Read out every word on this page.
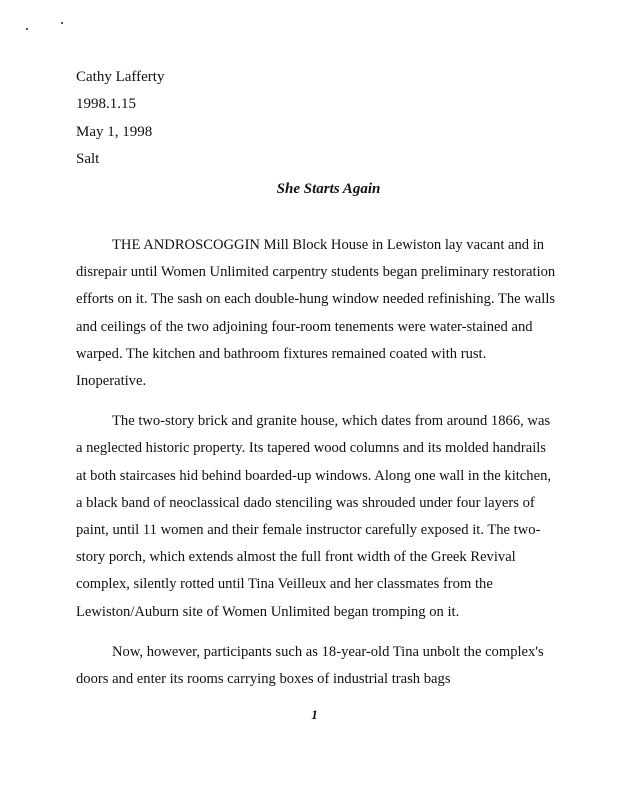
Cathy Lafferty

1998.1.15

May 1, 1998

Salt

She Starts Again

THE ANDROSCOGGIN Mill Block House in Lewiston lay vacant and in disrepair until Women Unlimited carpentry students began preliminary restoration efforts on it. The sash on each double-hung window needed refinishing. The walls and ceilings of the two adjoining four-room tenements were water-stained and warped. The kitchen and bathroom fixtures remained coated with rust. Inoperative.

The two-story brick and granite house, which dates from around 1866, was a neglected historic property. Its tapered wood columns and its molded handrails at both staircases hid behind boarded-up windows. Along one wall in the kitchen, a black band of neoclassical dado stenciling was shrouded under four layers of paint, until 11 women and their female instructor carefully exposed it. The two-story porch, which extends almost the full front width of the Greek Revival complex, silently rotted until Tina Veilleux and her classmates from the Lewiston/Auburn site of Women Unlimited began tromping on it.

Now, however, participants such as 18-year-old Tina unbolt the complex's doors and enter its rooms carrying boxes of industrial trash bags

1
